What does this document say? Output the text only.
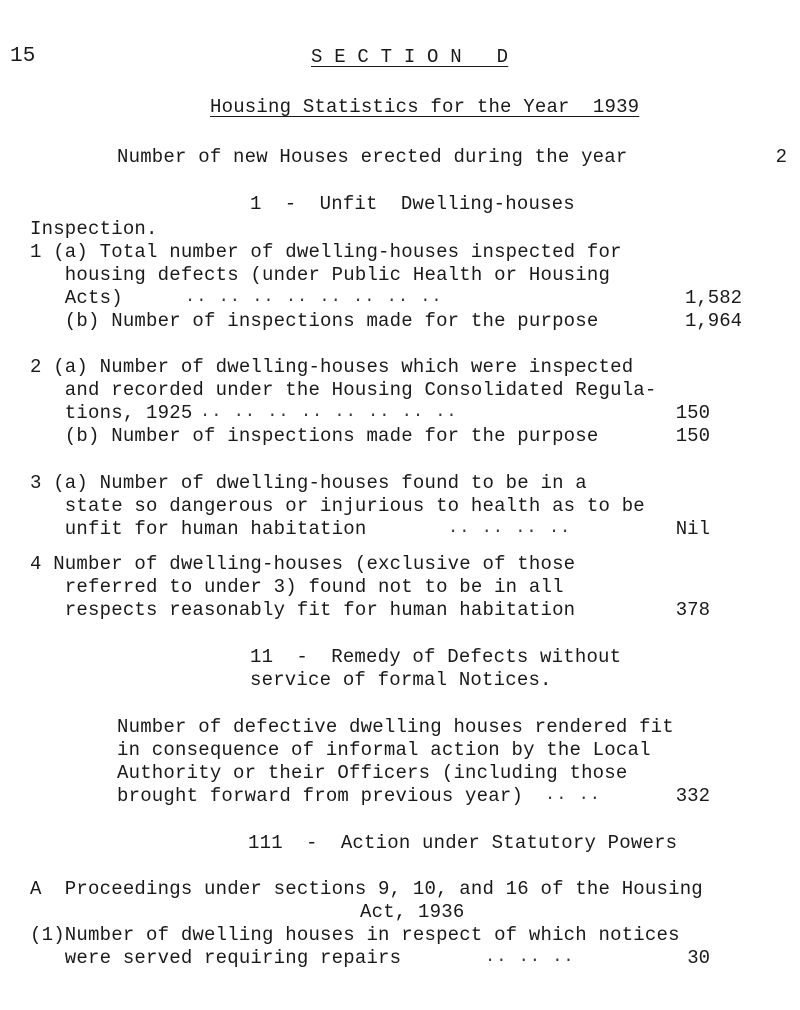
15	S E C T I O N   D
Housing Statistics for the Year  1939
Number of new Houses erected during the year	2
1  -  Unfit  Dwelling-houses
Inspection.
1 (a) Total number of dwelling-houses inspected for
housing defects (under Public Health or Housing
Acts)	.. .. .. .. .. .. .. ..	1,582
(b) Number of inspections made for the purpose	1,964
2 (a) Number of dwelling-houses which were inspected
and recorded under the Housing Consolidated Regula-
tions, 1925 .. .. .. .. .. .. .. ..	150
(b) Number of inspections made for the purpose	150
3 (a) Number of dwelling-houses found to be in a
state so dangerous or injurious to health as to be
unfit for human habitation	.. .. .. ..	Nil
4 Number of dwelling-houses (exclusive of those
referred to under 3) found not to be in all
respects reasonably fit for human habitation	378
11  -  Remedy of Defects without
service of formal Notices.
Number of defective dwelling houses rendered fit
in consequence of informal action by the Local
Authority or their Officers (including those
brought forward from previous year) .. ..	332
111  -  Action under Statutory Powers
A  Proceedings under sections 9, 10, and 16 of the Housing
Act, 1936
(1)Number of dwelling houses in respect of which notices
were served requiring repairs	.. .. ..	30
